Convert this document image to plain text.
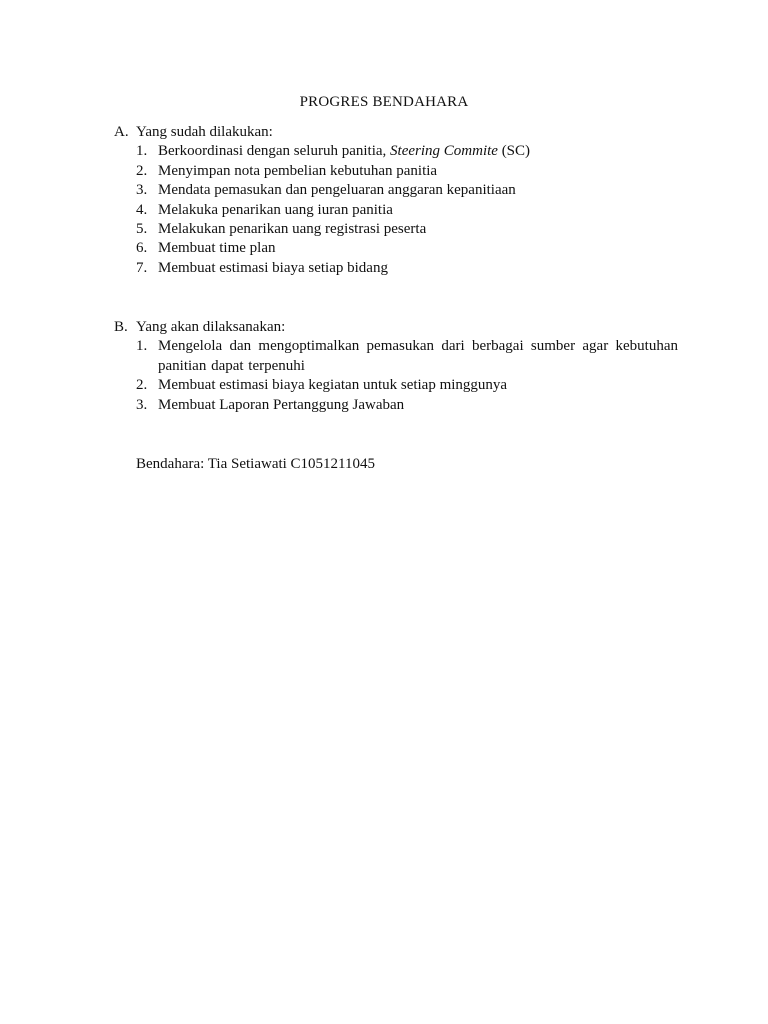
PROGRES BENDAHARA
A. Yang sudah dilakukan:
1. Berkoordinasi dengan seluruh panitia, Steering Commite (SC)
2. Menyimpan nota pembelian kebutuhan panitia
3. Mendata pemasukan dan pengeluaran anggaran kepanitiaan
4. Melakuka penarikan uang iuran panitia
5. Melakukan penarikan uang registrasi peserta
6. Membuat time plan
7. Membuat estimasi biaya setiap bidang
B. Yang akan dilaksanakan:
1. Mengelola dan mengoptimalkan pemasukan dari berbagai sumber agar kebutuhan panitian dapat terpenuhi
2. Membuat estimasi biaya kegiatan untuk setiap minggunya
3. Membuat Laporan Pertanggung Jawaban
Bendahara: Tia Setiawati C1051211045
